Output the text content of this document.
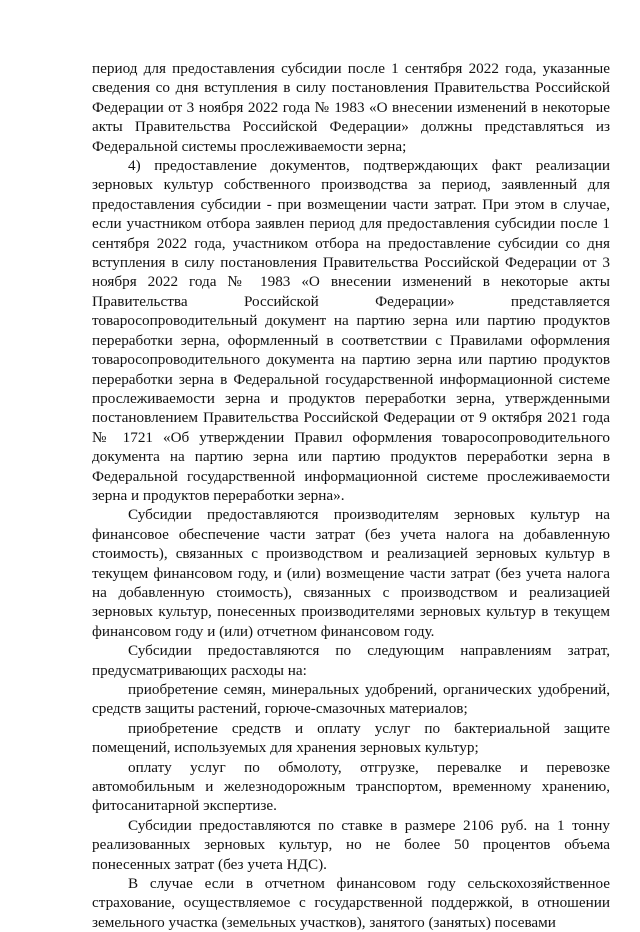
период для предоставления субсидии после 1 сентября 2022 года, указанные сведения со дня вступления в силу постановления Правительства Российской Федерации от 3 ноября 2022 года № 1983 «О внесении изменений в некоторые акты Правительства Российской Федерации» должны представляться из Федеральной системы прослеживаемости зерна;

4) предоставление документов, подтверждающих факт реализации зерновых культур собственного производства за период, заявленный для предоставления субсидии - при возмещении части затрат. При этом в случае, если участником отбора заявлен период для предоставления субсидии после 1 сентября 2022 года, участником отбора на предоставление субсидии со дня вступления в силу постановления Правительства Российской Федерации от 3 ноября 2022 года № 1983 «О внесении изменений в некоторые акты Правительства Российской Федерации» представляется товаросопроводительный документ на партию зерна или партию продуктов переработки зерна, оформленный в соответствии с Правилами оформления товаросопроводительного документа на партию зерна или партию продуктов переработки зерна в Федеральной государственной информационной системе прослеживаемости зерна и продуктов переработки зерна, утвержденными постановлением Правительства Российской Федерации от 9 октября 2021 года № 1721 «Об утверждении Правил оформления товаросопроводительного документа на партию зерна или партию продуктов переработки зерна в Федеральной государственной информационной системе прослеживаемости зерна и продуктов переработки зерна».

Субсидии предоставляются производителям зерновых культур на финансовое обеспечение части затрат (без учета налога на добавленную стоимость), связанных с производством и реализацией зерновых культур в текущем финансовом году, и (или) возмещение части затрат (без учета налога на добавленную стоимость), связанных с производством и реализацией зерновых культур, понесенных производителями зерновых культур в текущем финансовом году и (или) отчетном финансовом году.

Субсидии предоставляются по следующим направлениям затрат, предусматривающих расходы на:

приобретение семян, минеральных удобрений, органических удобрений, средств защиты растений, горюче-смазочных материалов;

приобретение средств и оплату услуг по бактериальной защите помещений, используемых для хранения зерновых культур;

оплату услуг по обмолоту, отгрузке, перевалке и перевозке автомобильным и железнодорожным транспортом, временному хранению, фитосанитарной экспертизе.

Субсидии предоставляются по ставке в размере 2106 руб. на 1 тонну реализованных зерновых культур, но не более 50 процентов объема понесенных затрат (без учета НДС).

В случае если в отчетном финансовом году сельскохозяйственное страхование, осуществляемое с государственной поддержкой, в отношении земельного участка (земельных участков), занятого (занятых) посевами
